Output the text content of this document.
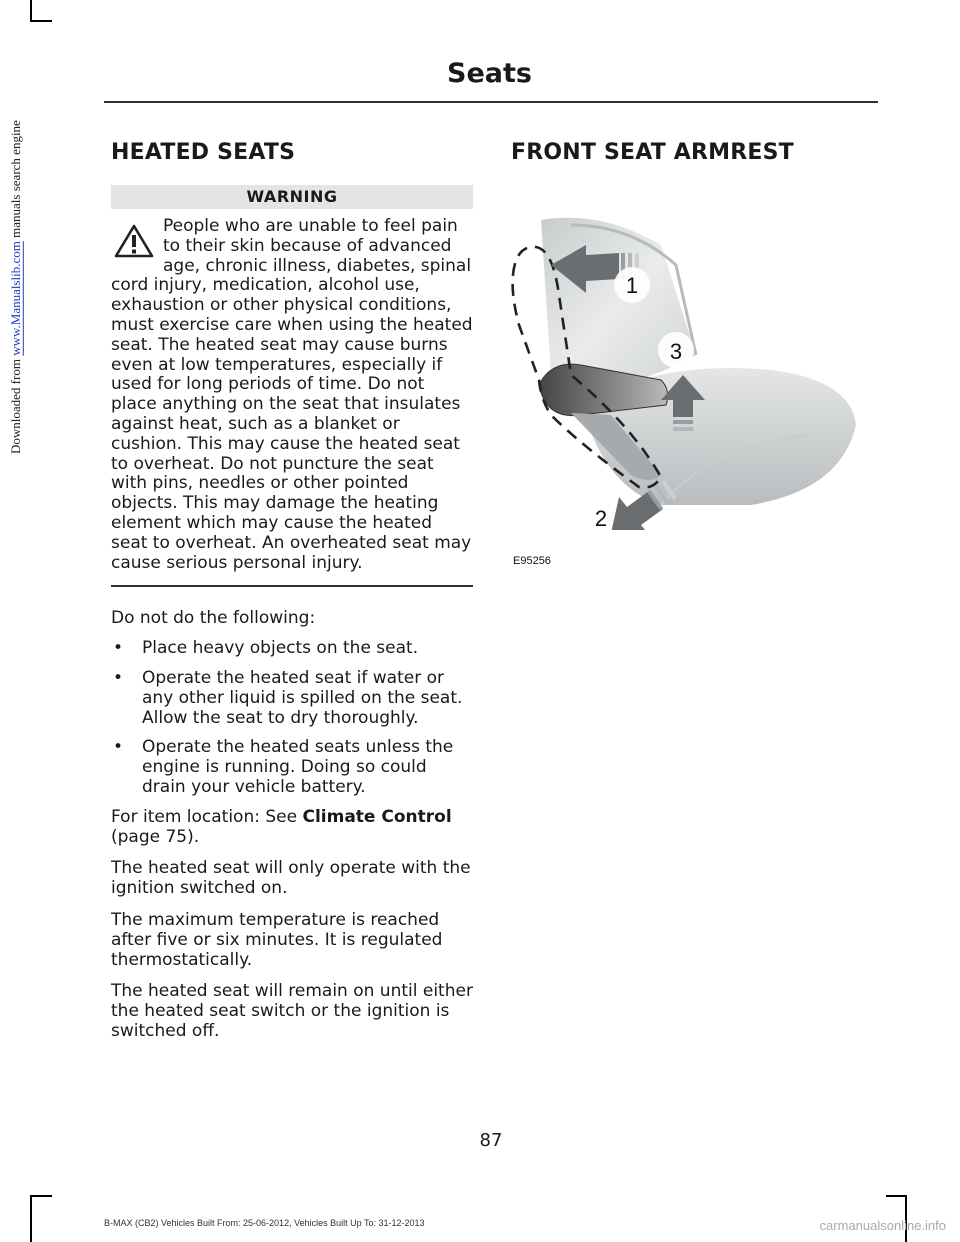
Downloaded from www.Manualslib.com manuals search engine
Seats
HEATED SEATS
WARNING

People who are unable to feel pain to their skin because of advanced age, chronic illness, diabetes, spinal cord injury, medication, alcohol use, exhaustion or other physical conditions, must exercise care when using the heated seat. The heated seat may cause burns even at low temperatures, especially if used for long periods of time. Do not place anything on the seat that insulates against heat, such as a blanket or cushion. This may cause the heated seat to overheat. Do not puncture the seat with pins, needles or other pointed objects. This may damage the heating element which may cause the heated seat to overheat. An overheated seat may cause serious personal injury.

Do not do the following:

• Place heavy objects on the seat.
• Operate the heated seat if water or any other liquid is spilled on the seat. Allow the seat to dry thoroughly.
• Operate the heated seats unless the engine is running. Doing so could drain your vehicle battery.

For item location: See Climate Control (page 75).

The heated seat will only operate with the ignition switched on.

The maximum temperature is reached after five or six minutes. It is regulated thermostatically.

The heated seat will remain on until either the heated seat switch or the ignition is switched off.

FRONT SEAT ARMREST
1
3
2
E95256
87
B-MAX (CB2) Vehicles Built From: 25-06-2012, Vehicles Built Up To: 31-12-2013	carmanualsonline.info
